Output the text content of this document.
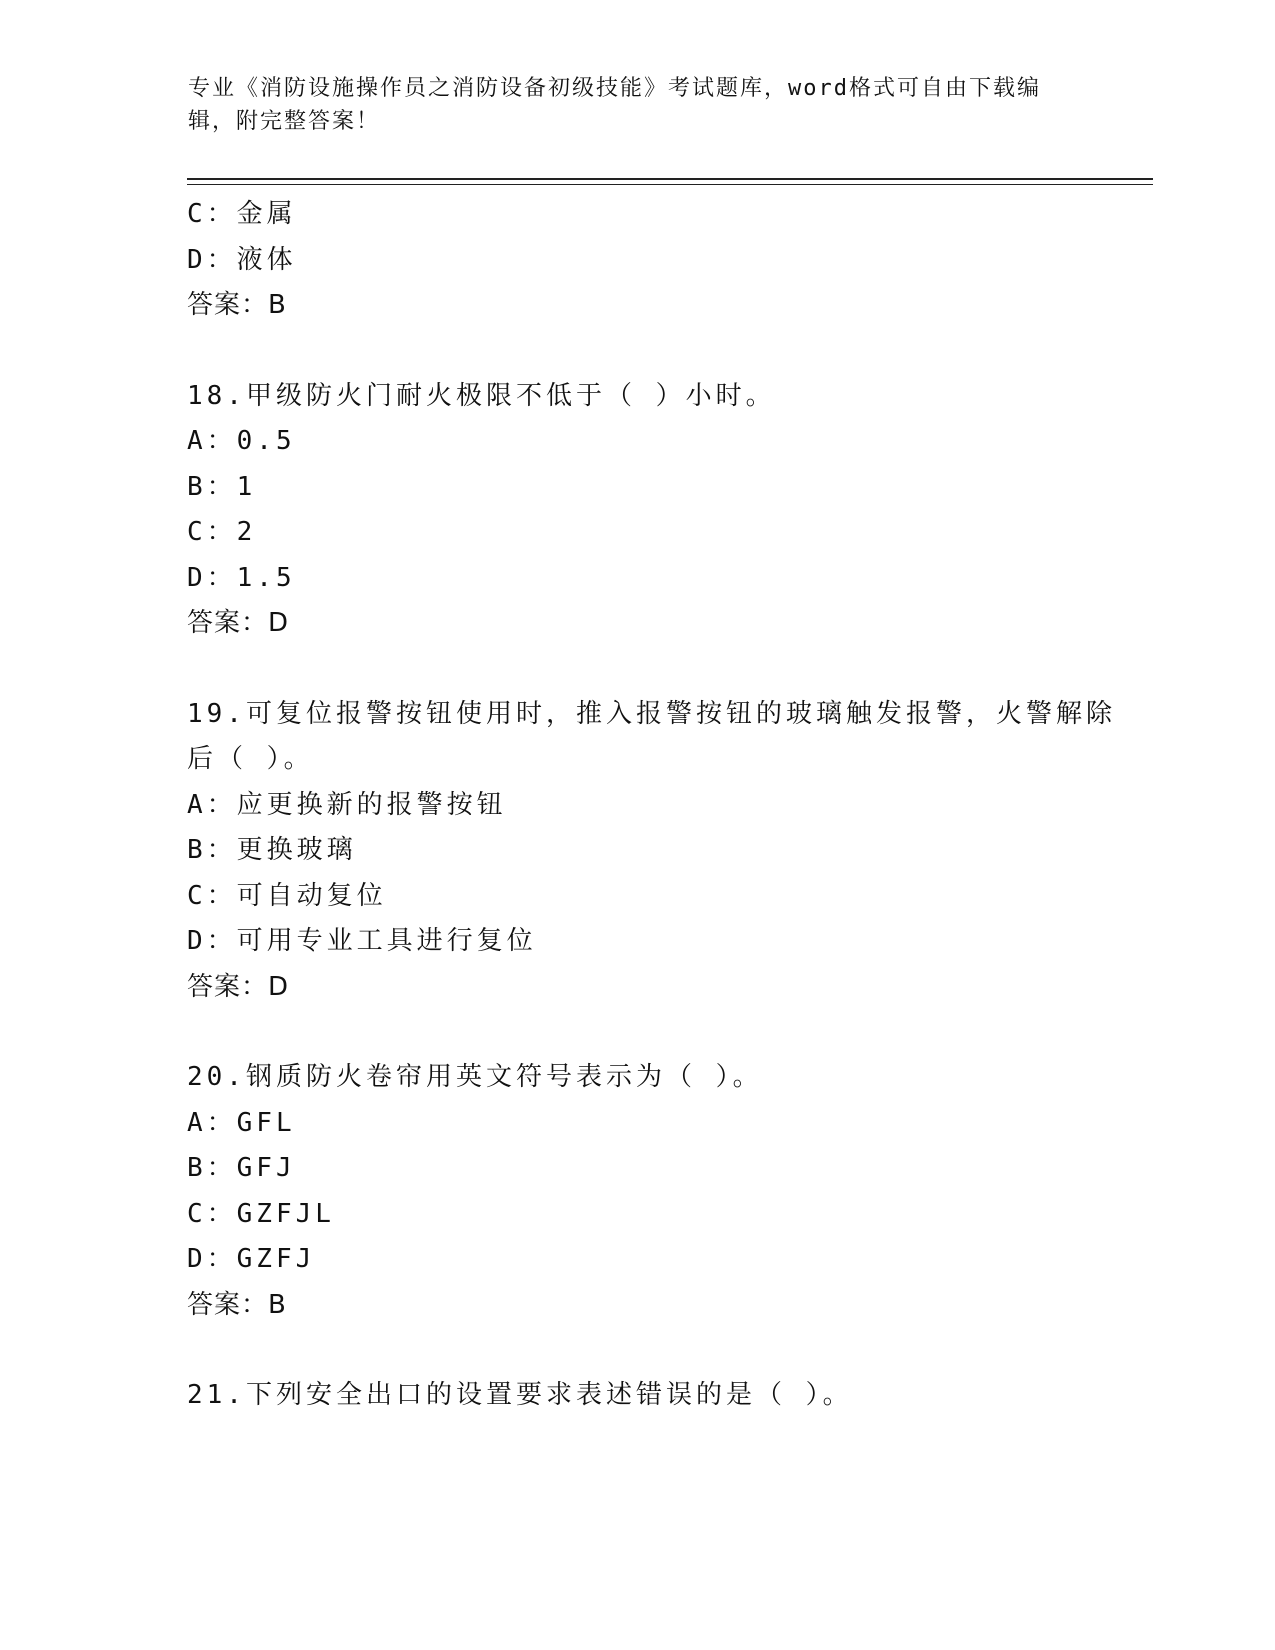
专业《消防设施操作员之消防设备初级技能》考试题库，word格式可自由下载编辑，附完整答案！
C：金属
D：液体
答案：B
18.甲级防火门耐火极限不低于（ ）小时。
A：0.5
B：1
C：2
D：1.5
答案：D
19.可复位报警按钮使用时，推入报警按钮的玻璃触发报警，火警解除后（ ）。
A：应更换新的报警按钮
B：更换玻璃
C：可自动复位
D：可用专业工具进行复位
答案：D
20.钢质防火卷帘用英文符号表示为（ ）。
A：GFL
B：GFJ
C：GZFJL
D：GZFJ
答案：B
21.下列安全出口的设置要求表述错误的是（ ）。
